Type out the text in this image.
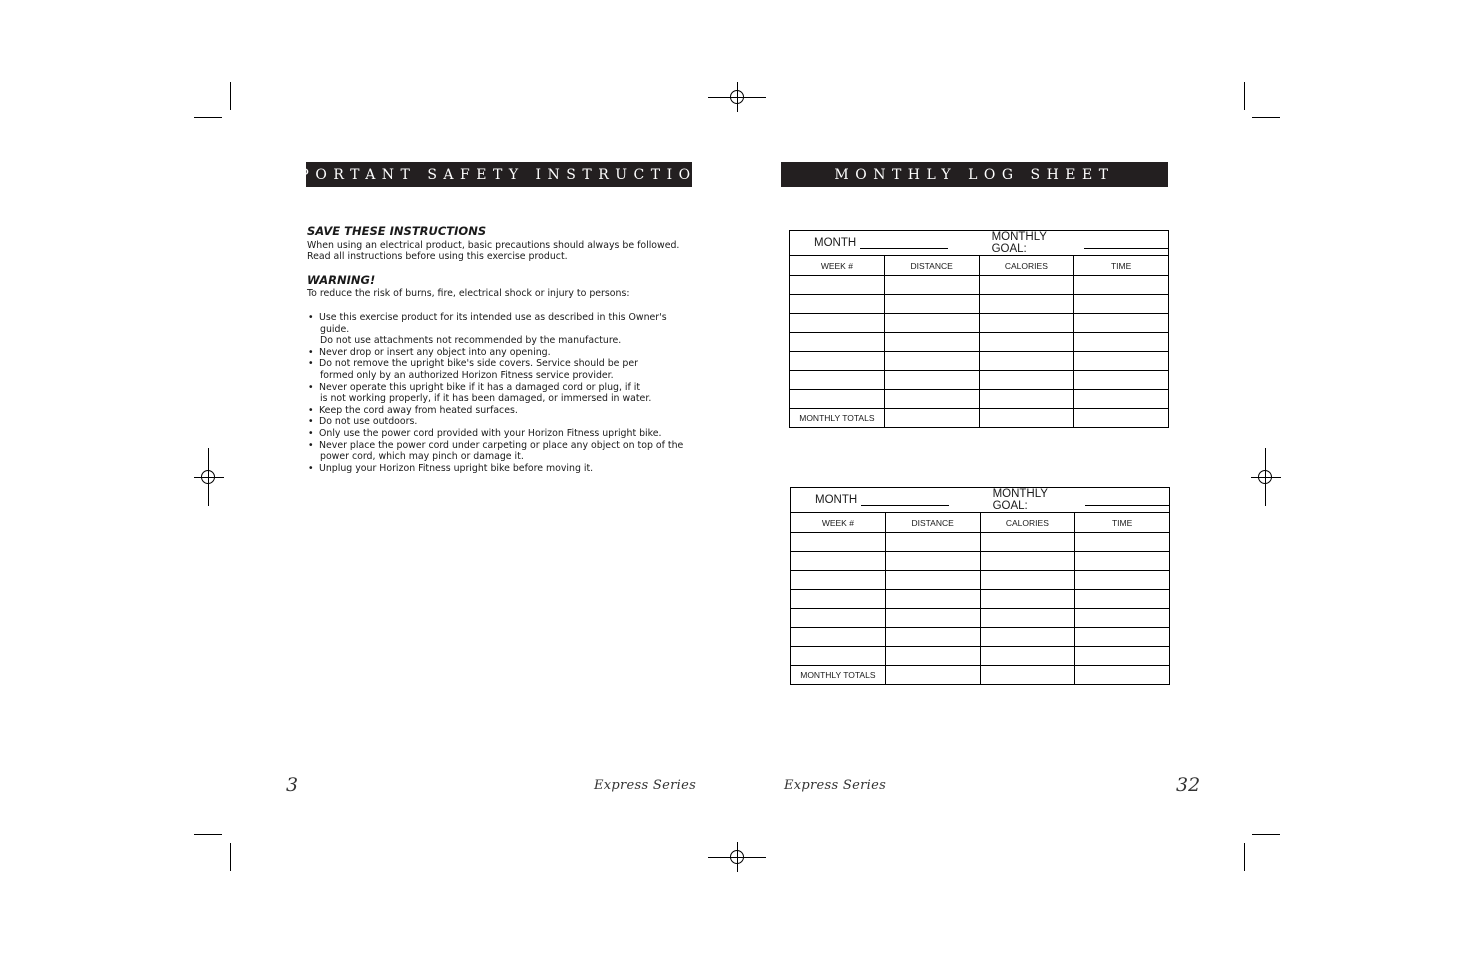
IMPORTANT SAFETY INSTRUCTIONS
SAVE THESE INSTRUCTIONS

When using an electrical product, basic precautions should always be followed.
Read all instructions before using this exercise product.

WARNING!

To reduce the risk of burns, fire, electrical shock or injury to persons:

• Use this exercise product for its intended use as described in this Owner's
guide.
Do not use attachments not recommended by the manufacture.
• Never drop or insert any object into any opening.
• Do not remove the upright bike's side covers. Service should be per
formed only by an authorized Horizon Fitness service provider.
• Never operate this upright bike if it has a damaged cord or plug, if it
is not working properly, if it has been damaged, or immersed in water.
• Keep the cord away from heated surfaces.
• Do not use outdoors.
• Only use the power cord provided with your Horizon Fitness upright bike.
• Never place the power cord under carpeting or place any object on top of the
power cord, which may pinch or damage it.
• Unplug your Horizon Fitness upright bike before moving it.
3	Express Series
MONTHLY LOG SHEET
MONTH MONTHLY GOAL:			

WEEK #	DISTANCE	CALORIES	TIME

MONTHLY TOTALS			
MONTH MONTHLY GOAL:			

WEEK #	DISTANCE	CALORIES	TIME

MONTHLY TOTALS			
Express Series	32
